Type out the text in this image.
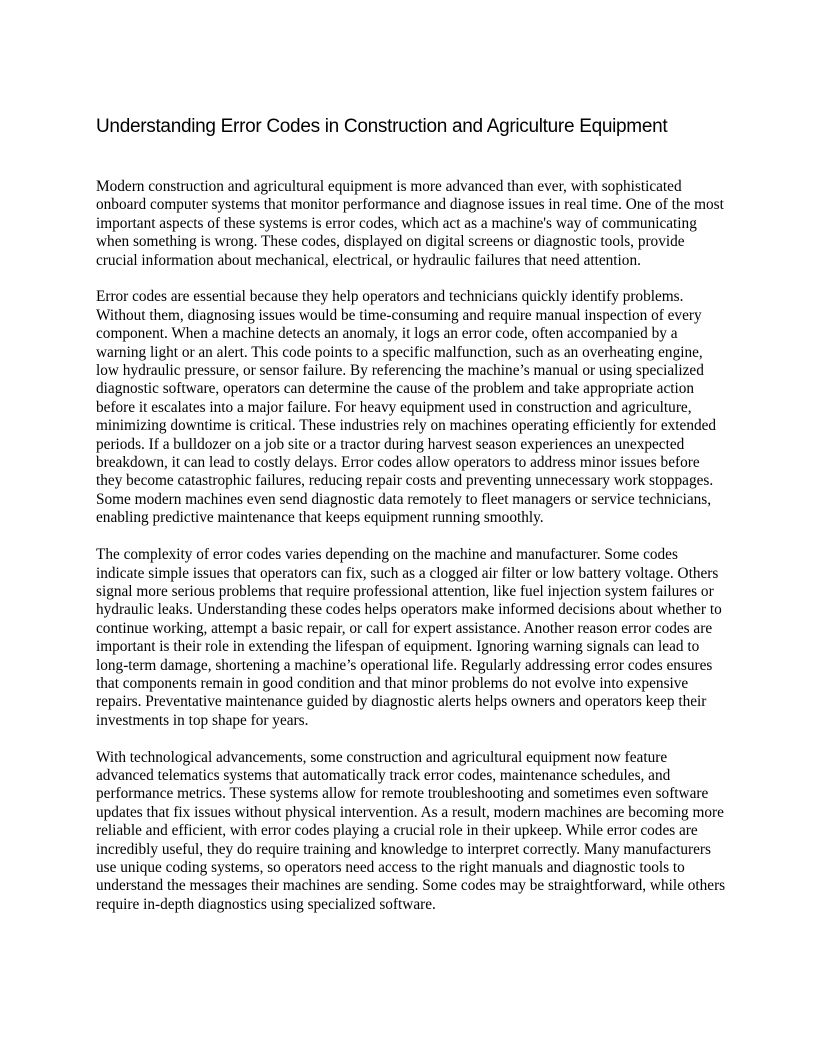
Understanding Error Codes in Construction and Agriculture Equipment

Modern construction and agricultural equipment is more advanced than ever, with sophisticated onboard computer systems that monitor performance and diagnose issues in real time. One of the most important aspects of these systems is error codes, which act as a machine's way of communicating when something is wrong. These codes, displayed on digital screens or diagnostic tools, provide crucial information about mechanical, electrical, or hydraulic failures that need attention.

Error codes are essential because they help operators and technicians quickly identify problems. Without them, diagnosing issues would be time-consuming and require manual inspection of every component. When a machine detects an anomaly, it logs an error code, often accompanied by a warning light or an alert. This code points to a specific malfunction, such as an overheating engine, low hydraulic pressure, or sensor failure. By referencing the machine’s manual or using specialized diagnostic software, operators can determine the cause of the problem and take appropriate action before it escalates into a major failure. For heavy equipment used in construction and agriculture, minimizing downtime is critical. These industries rely on machines operating efficiently for extended periods. If a bulldozer on a job site or a tractor during harvest season experiences an unexpected breakdown, it can lead to costly delays. Error codes allow operators to address minor issues before they become catastrophic failures, reducing repair costs and preventing unnecessary work stoppages. Some modern machines even send diagnostic data remotely to fleet managers or service technicians, enabling predictive maintenance that keeps equipment running smoothly.

The complexity of error codes varies depending on the machine and manufacturer. Some codes indicate simple issues that operators can fix, such as a clogged air filter or low battery voltage. Others signal more serious problems that require professional attention, like fuel injection system failures or hydraulic leaks. Understanding these codes helps operators make informed decisions about whether to continue working, attempt a basic repair, or call for expert assistance. Another reason error codes are important is their role in extending the lifespan of equipment. Ignoring warning signals can lead to long-term damage, shortening a machine’s operational life. Regularly addressing error codes ensures that components remain in good condition and that minor problems do not evolve into expensive repairs. Preventative maintenance guided by diagnostic alerts helps owners and operators keep their investments in top shape for years.

With technological advancements, some construction and agricultural equipment now feature advanced telematics systems that automatically track error codes, maintenance schedules, and performance metrics. These systems allow for remote troubleshooting and sometimes even software updates that fix issues without physical intervention. As a result, modern machines are becoming more reliable and efficient, with error codes playing a crucial role in their upkeep. While error codes are incredibly useful, they do require training and knowledge to interpret correctly. Many manufacturers use unique coding systems, so operators need access to the right manuals and diagnostic tools to understand the messages their machines are sending. Some codes may be straightforward, while others require in-depth diagnostics using specialized software.
